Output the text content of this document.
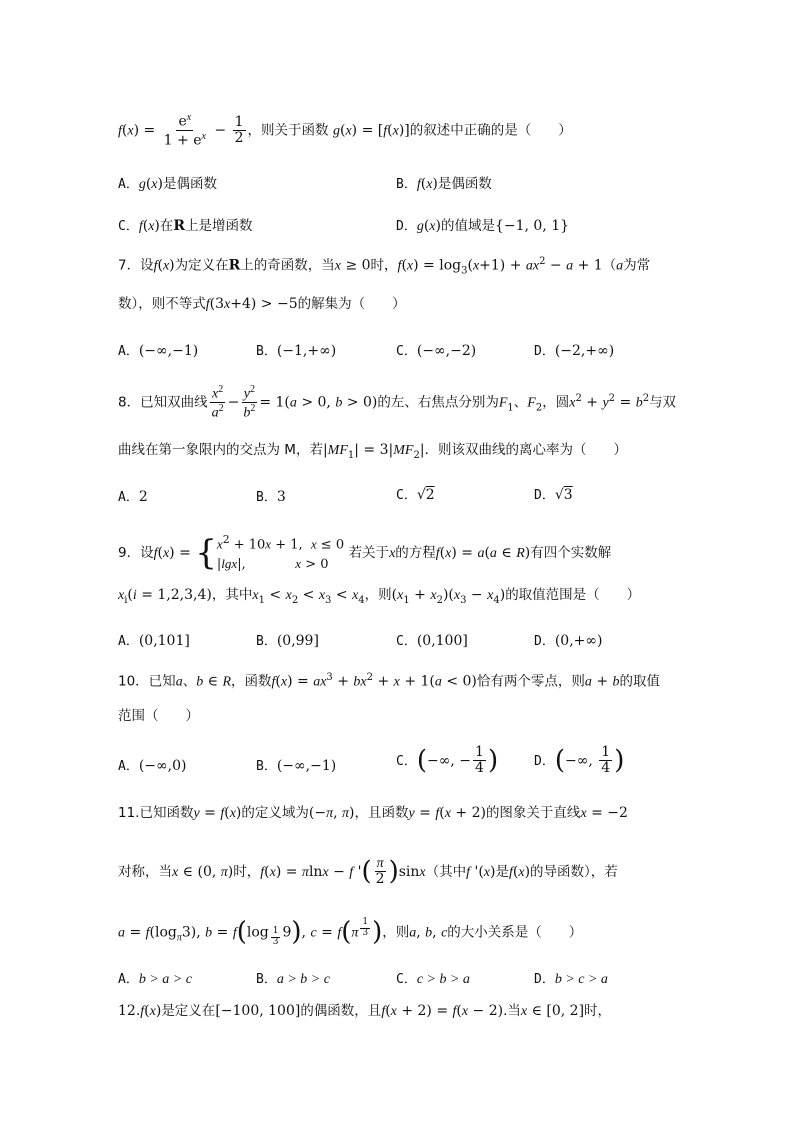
$f(x) = \frac{e^x}{1 + e^x} - \frac{1}{2}$ ，则关于函数 g(x) = [f(x)]的叙述中正确的是（　　）
A．g(x)是偶函数	B．f(x)是偶函数
C．f(x)在R上是增函数	D．g(x)的值域是{−1, 0, 1}
7．设f(x)为定义在R上的奇函数，当x ≥ 0时，$f(x) = \log_3(x+1) + ax^2 - a + 1(a$为常
数），则不等式f(3x+4) > −5的解集为（　　）
A．(−∞,−1)	B．(−1,+∞)	C．(−∞,−2)	D．(−2,+∞)
8．已知双曲线 $\frac{x^2}{a^2} - \frac{y^2}{b^2} = 1(a > 0$, b > 0)的左、右焦点分别为$F_1$、$F_2$，圆$x^2 + y^2 = b^2$与双
曲线在第一象限内的交点为 M，若$|MF_1| = 3|MF_2|$．则该双曲线的离心率为（　　）
A．2	B．3	C．√2	D．√3
9．设$f(x) = \{x^2 + 10x + 1$,  x ≤ 0
|lgx|,            x > 0 若关于x的方程f(x) = a(a ∈ R)有四个实数解
$x_i(i = 1,2,3,4)$，其中$x_1 < x_2 < x_3 < x_4$，则$(x_1 + x_2)(x_3 - x_4)$的取值范围是（　　）
A．(0,101]	B．(0,99]	C．(0,100]	D．(0,+∞)
10．已知a、b ∈ R，函数$f(x) = ax^3 + bx^2 + x + 1(a < 0)$恰有两个零点，则a + b的取值
范围（　　）
A．(−∞,0)	B．(−∞,−1)	C．(−∞, − $\frac{1}{4}$ )	D．(−∞, $\frac{1}{4}$ )
11.已知函数y = f(x)的定义域为(−π, π)，且函数y = f(x + 2)的图象关于直线x = −2
对称，当x ∈ (0, π)时，f(x) = πlnx − f '( $\frac{\pi}{2} )\sin x$（其中f '(x)是f(x)的导函数），若
$a = f(\log_\pi 3)$, b = f(log $_{\frac{1}{3}}$ 9), c = f(π $^{\frac{1}{3}}$ )，则a, b, c的大小关系是（　　）
A．b > a > c	B．a > b > c	C．c > b > a	D．b > c > a
12.f(x)是定义在[−100, 100]的偶函数，且f(x + 2) = f(x − 2).当x ∈ [0, 2]时，
